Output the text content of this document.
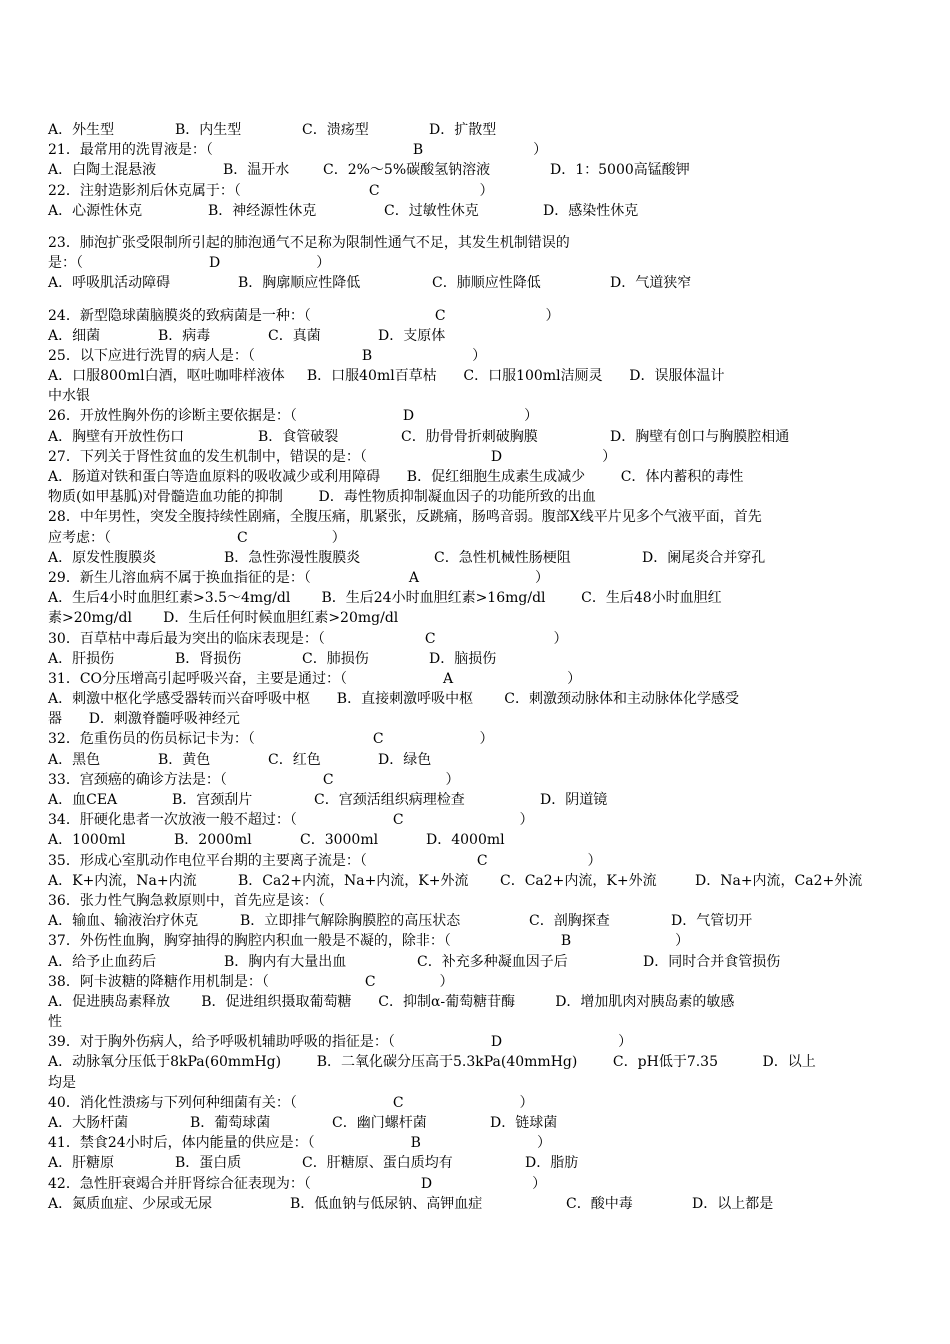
A．外生型	B．内生型	C．溃疡型	D．扩散型
21．最常用的洗胃液是：（	B	）
A．白陶土混悬液	B．温开水	C．2%～5%碳酸氢钠溶液	D．1：5000高锰酸钾
22．注射造影剂后休克属于：（	C	）
A．心源性休克	B．神经源性休克	C．过敏性休克	D．感染性休克
23．肺泡扩张受限制所引起的肺泡通气不足称为限制性通气不足，其发生机制错误的
是：（	D	）
A．呼吸肌活动障碍	B．胸廓顺应性降低	C．肺顺应性降低	D．气道狭窄
24．新型隐球菌脑膜炎的致病菌是一种：（	C	）
A．细菌	B．病毒	C．真菌	D．支原体
25．以下应进行洗胃的病人是：（	B	）
A．口服800ml白酒，呕吐咖啡样液体     B．口服40ml百草枯      C．口服100ml洁厕灵      D．误服体温计
中水银
26．开放性胸外伤的诊断主要依据是：（	D	）
A．胸壁有开放性伤口	B．食管破裂	C．肋骨骨折刺破胸膜	D．胸壁有创口与胸膜腔相通
27．下列关于肾性贫血的发生机制中，错误的是：（	D	）
A．肠道对铁和蛋白等造血原料的吸收减少或利用障碍      B．促红细胞生成素生成减少        C．体内蓄积的毒性
物质(如甲基胍)对骨髓造血功能的抑制        D．毒性物质抑制凝血因子的功能所致的出血
28．中年男性，突发全腹持续性剧痛，全腹压痛，肌紧张，反跳痛，肠鸣音弱。腹部X线平片见多个气液平面，首先
应考虑：（	C	）
A．原发性腹膜炎	B．急性弥漫性腹膜炎	C．急性机械性肠梗阻	D．阑尾炎合并穿孔
29．新生儿溶血病不属于换血指征的是：（	A	）
A．生后4小时血胆红素>3.5～4mg/dl       B．生后24小时血胆红素>16mg/dl        C．生后48小时血胆红
素>20mg/dl       D．生后任何时候血胆红素>20mg/dl
30．百草枯中毒后最为突出的临床表现是：（	C	）
A．肝损伤	B．肾损伤	C．肺损伤	D．脑损伤
31．CO分压增高引起呼吸兴奋，主要是通过：（	A	）
A．刺激中枢化学感受器转而兴奋呼吸中枢      B．直接刺激呼吸中枢       C．刺激颈动脉体和主动脉体化学感受
器      D．刺激脊髓呼吸神经元
32．危重伤员的伤员标记卡为：（	C	）
A．黑色	B．黄色	C．红色	D．绿色
33．宫颈癌的确诊方法是：（	C	）
A．血CEA	B．宫颈刮片	C．宫颈活组织病理检查	D．阴道镜
34．肝硬化患者一次放液一般不超过：（	C	）
A．1000ml	B．2000ml	C．3000ml	D．4000ml
35．形成心室肌动作电位平台期的主要离子流是：（	C	）
A．K+内流，Na+内流	B．Ca2+内流，Na+内流，K+外流	C．Ca2+内流，K+外流	D．Na+内流，Ca2+外流
36．张力性气胸急救原则中，首先应是该：（
A．输血、输液治疗休克	B．立即排气解除胸膜腔的高压状态	C．剖胸探查	D．气管切开
37．外伤性血胸，胸穿抽得的胸腔内积血一般是不凝的，除非：（	B	）
A．给予止血药后	B．胸内有大量出血	C．补充多种凝血因子后	D．同时合并食管损伤
38．阿卡波糖的降糖作用机制是：（	C	）
A．促进胰岛素释放       B．促进组织摄取葡萄糖      C．抑制α-葡萄糖苷酶         D．增加肌肉对胰岛素的敏感
性
39．对于胸外伤病人，给予呼吸机辅助呼吸的指征是：（	D	）
A．动脉氧分压低于8kPa(60mmHg)        B．二氧化碳分压高于5.3kPa(40mmHg)        C．pH低于7.35          D．以上
均是
40．消化性溃疡与下列何种细菌有关：（	C	）
A．大肠杆菌	B．葡萄球菌	C．幽门螺杆菌	D．链球菌
41．禁食24小时后，体内能量的供应是：（	B	）
A．肝糖原	B．蛋白质	C．肝糖原、蛋白质均有	D．脂肪
42．急性肝衰竭合并肝肾综合征表现为：（	D	）
A．氮质血症、少尿或无尿	B．低血钠与低尿钠、高钾血症	C．酸中毒	D．以上都是
